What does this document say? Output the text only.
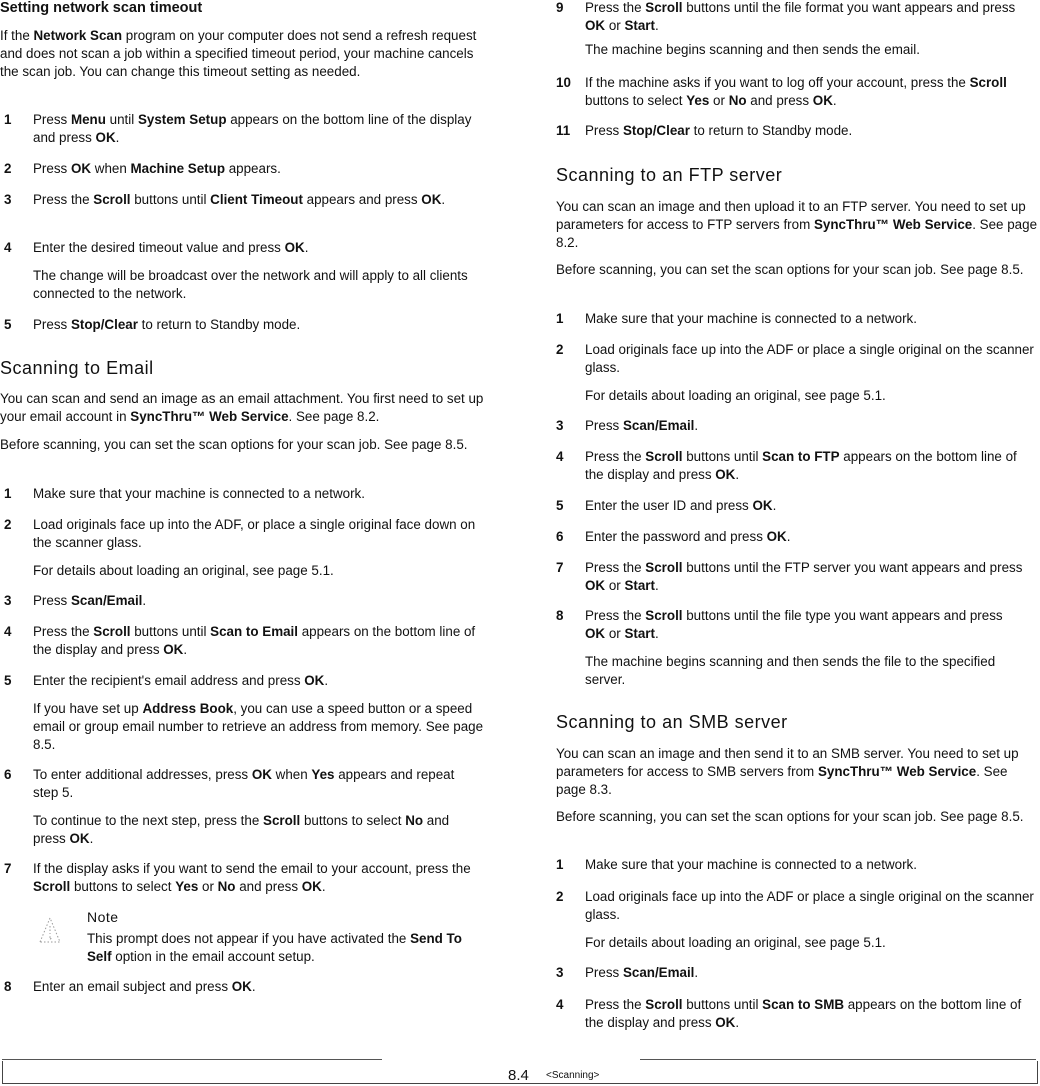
Setting network scan timeout

If the Network Scan program on your computer does not send a refresh request and does not scan a job within a specified timeout period, your machine cancels the scan job. You can change this timeout setting as needed.

1 Press Menu until System Setup appears on the bottom line of the display and press OK.
2 Press OK when Machine Setup appears.
3 Press the Scroll buttons until Client Timeout appears and press OK.
4 Enter the desired timeout value and press OK.
The change will be broadcast over the network and will apply to all clients connected to the network.
5 Press Stop/Clear to return to Standby mode.
Scanning to Email

You can scan and send an image as an email attachment. You first need to set up your email account in SyncThru™ Web Service. See page 8.2.

Before scanning, you can set the scan options for your scan job. See page 8.5.

1 Make sure that your machine is connected to a network.
2 Load originals face up into the ADF, or place a single original face down on the scanner glass.
For details about loading an original, see page 5.1.
3 Press Scan/Email.
4 Press the Scroll buttons until Scan to Email appears on the bottom line of the display and press OK.
5 Enter the recipient's email address and press OK.
If you have set up Address Book, you can use a speed button or a speed email or group email number to retrieve an address from memory. See page 8.5.
6 To enter additional addresses, press OK when Yes appears and repeat step 5.
To continue to the next step, press the Scroll buttons to select No and press OK.
7 If the display asks if you want to send the email to your account, press the Scroll buttons to select Yes or No and press OK.
Note

This prompt does not appear if you have activated the Send To Self option in the email account setup.

8 Enter an email subject and press OK.
9 Press the Scroll buttons until the file format you want appears and press OK or Start.
The machine begins scanning and then sends the email.
10 If the machine asks if you want to log off your account, press the Scroll buttons to select Yes or No and press OK.
11 Press Stop/Clear to return to Standby mode.
Scanning to an FTP server

You can scan an image and then upload it to an FTP server. You need to set up parameters for access to FTP servers from SyncThru™ Web Service. See page 8.2.

Before scanning, you can set the scan options for your scan job. See page 8.5.

1 Make sure that your machine is connected to a network.
2 Load originals face up into the ADF or place a single original on the scanner glass.
For details about loading an original, see page 5.1.
3 Press Scan/Email.
4 Press the Scroll buttons until Scan to FTP appears on the bottom line of the display and press OK.
5 Enter the user ID and press OK.
6 Enter the password and press OK.
7 Press the Scroll buttons until the FTP server you want appears and press OK or Start.
8 Press the Scroll buttons until the file type you want appears and press OK or Start.
The machine begins scanning and then sends the file to the specified server.
Scanning to an SMB server

You can scan an image and then send it to an SMB server. You need to set up parameters for access to SMB servers from SyncThru™ Web Service. See page 8.3.

Before scanning, you can set the scan options for your scan job. See page 8.5.

1 Make sure that your machine is connected to a network.
2 Load originals face up into the ADF or place a single original on the scanner glass.
For details about loading an original, see page 5.1.
3 Press Scan/Email.
4 Press the Scroll buttons until Scan to SMB appears on the bottom line of the display and press OK.
8.4 <Scanning>
